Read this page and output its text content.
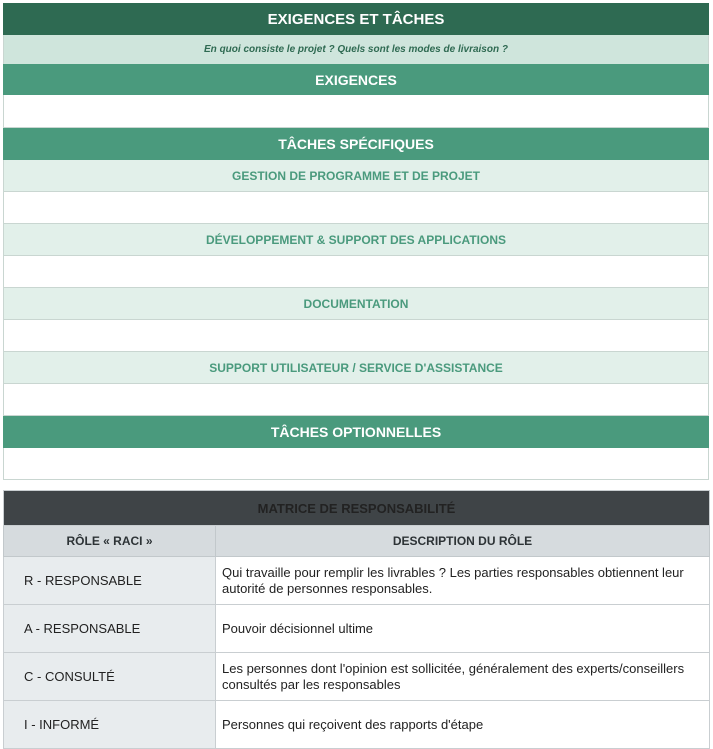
EXIGENCES ET TÂCHES
En quoi consiste le projet ? Quels sont les modes de livraison ?
EXIGENCES
TÂCHES SPÉCIFIQUES
GESTION DE PROGRAMME ET DE PROJET
DÉVELOPPEMENT & SUPPORT DES APPLICATIONS
DOCUMENTATION
SUPPORT UTILISATEUR / SERVICE D'ASSISTANCE
TÂCHES OPTIONNELLES
MATRICE DE RESPONSABILITÉ	
RÔLE « RACI »	DESCRIPTION DU RÔLE
R - RESPONSABLE	Qui travaille pour remplir les livrables ? Les parties responsables obtiennent leur autorité de personnes responsables.
A - RESPONSABLE	Pouvoir décisionnel ultime
C - CONSULTÉ	Les personnes dont l'opinion est sollicitée, généralement des experts/conseillers consultés par les responsables
I - INFORMÉ	Personnes qui reçoivent des rapports d'étape
